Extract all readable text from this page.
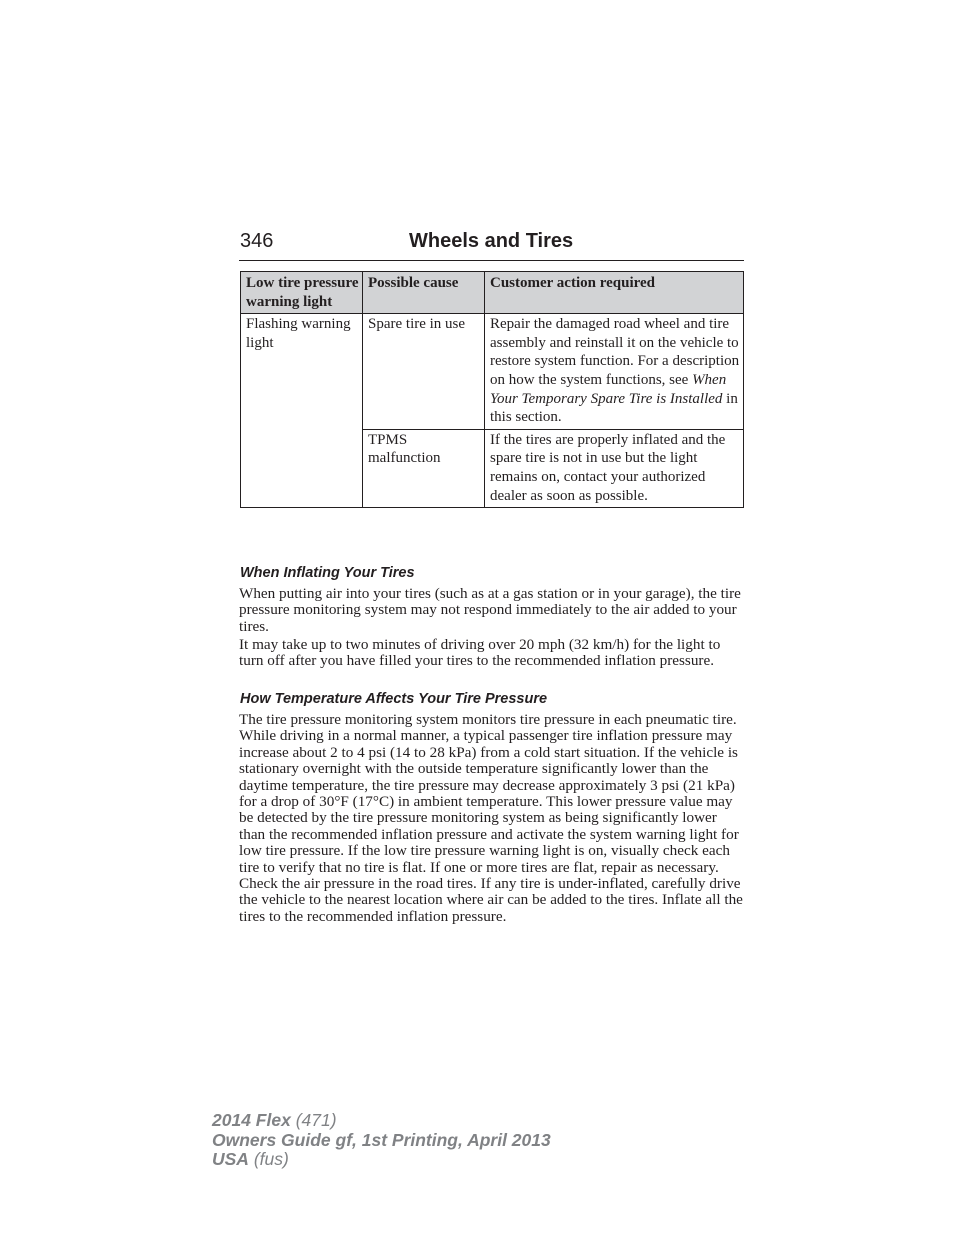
346	Wheels and Tires
Low tire pressure warning light	Possible cause	Customer action required
Flashing warning light	Spare tire in use	Repair the damaged road wheel and tire assembly and reinstall it on the vehicle to restore system function. For a description on how the system functions, see When Your Temporary Spare Tire is Installed in this section.
	TPMS malfunction	If the tires are properly inflated and the spare tire is not in use but the light remains on, contact your authorized dealer as soon as possible.
When Inflating Your Tires
When putting air into your tires (such as at a gas station or in your garage), the tire pressure monitoring system may not respond immediately to the air added to your tires.
It may take up to two minutes of driving over 20 mph (32 km/h) for the light to turn off after you have filled your tires to the recommended inflation pressure.
How Temperature Affects Your Tire Pressure
The tire pressure monitoring system monitors tire pressure in each pneumatic tire. While driving in a normal manner, a typical passenger tire inflation pressure may increase about 2 to 4 psi (14 to 28 kPa) from a cold start situation. If the vehicle is stationary overnight with the outside temperature significantly lower than the daytime temperature, the tire pressure may decrease approximately 3 psi (21 kPa) for a drop of 30°F (17°C) in ambient temperature. This lower pressure value may be detected by the tire pressure monitoring system as being significantly lower than the recommended inflation pressure and activate the system warning light for low tire pressure. If the low tire pressure warning light is on, visually check each tire to verify that no tire is flat. If one or more tires are flat, repair as necessary. Check the air pressure in the road tires. If any tire is under-inflated, carefully drive the vehicle to the nearest location where air can be added to the tires. Inflate all the tires to the recommended inflation pressure.
2014 Flex (471)
Owners Guide gf, 1st Printing, April 2013
USA (fus)
